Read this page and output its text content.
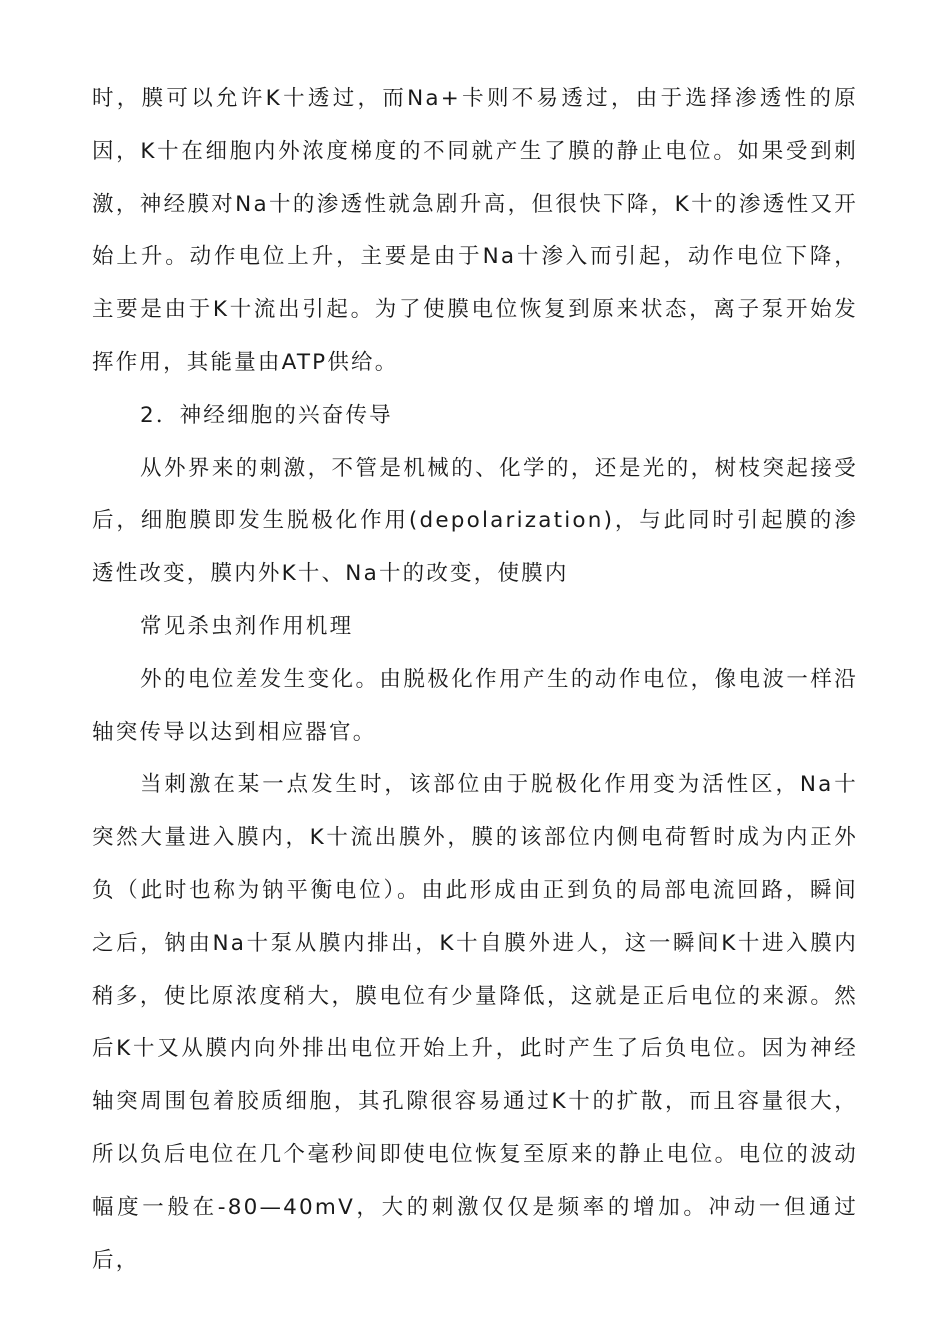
时，膜可以允许K十透过，而Na+卡则不易透过，由于选择渗透性的原因，K十在细胞内外浓度梯度的不同就产生了膜的静止电位。如果受到刺激，神经膜对Na十的渗透性就急剧升高，但很快下降，K十的渗透性又开始上升。动作电位上升，主要是由于Na十渗入而引起，动作电位下降，主要是由于K十流出引起。为了使膜电位恢复到原来状态，离子泵开始发挥作用，其能量由ATP供给。

2．神经细胞的兴奋传导

从外界来的刺激，不管是机械的、化学的，还是光的，树枝突起接受后，细胞膜即发生脱极化作用(depolarization)，与此同时引起膜的渗透性改变，膜内外K十、Na十的改变，使膜内

常见杀虫剂作用机理

外的电位差发生变化。由脱极化作用产生的动作电位，像电波一样沿轴突传导以达到相应器官。

当刺激在某一点发生时，该部位由于脱极化作用变为活性区，Na十突然大量进入膜内，K十流出膜外，膜的该部位内侧电荷暂时成为内正外负（此时也称为钠平衡电位）。由此形成由正到负的局部电流回路，瞬间之后，钠由Na十泵从膜内排出，K十自膜外进人，这一瞬间K十进入膜内稍多，使比原浓度稍大，膜电位有少量降低，这就是正后电位的来源。然后K十又从膜内向外排出电位开始上升，此时产生了后负电位。因为神经轴突周围包着胶质细胞，其孔隙很容易通过K十的扩散，而且容量很大，所以负后电位在几个毫秒间即使电位恢复至原来的静止电位。电位的波动幅度一般在-80—40mV，大的刺激仅仅是频率的增加。冲动一但通过后，
